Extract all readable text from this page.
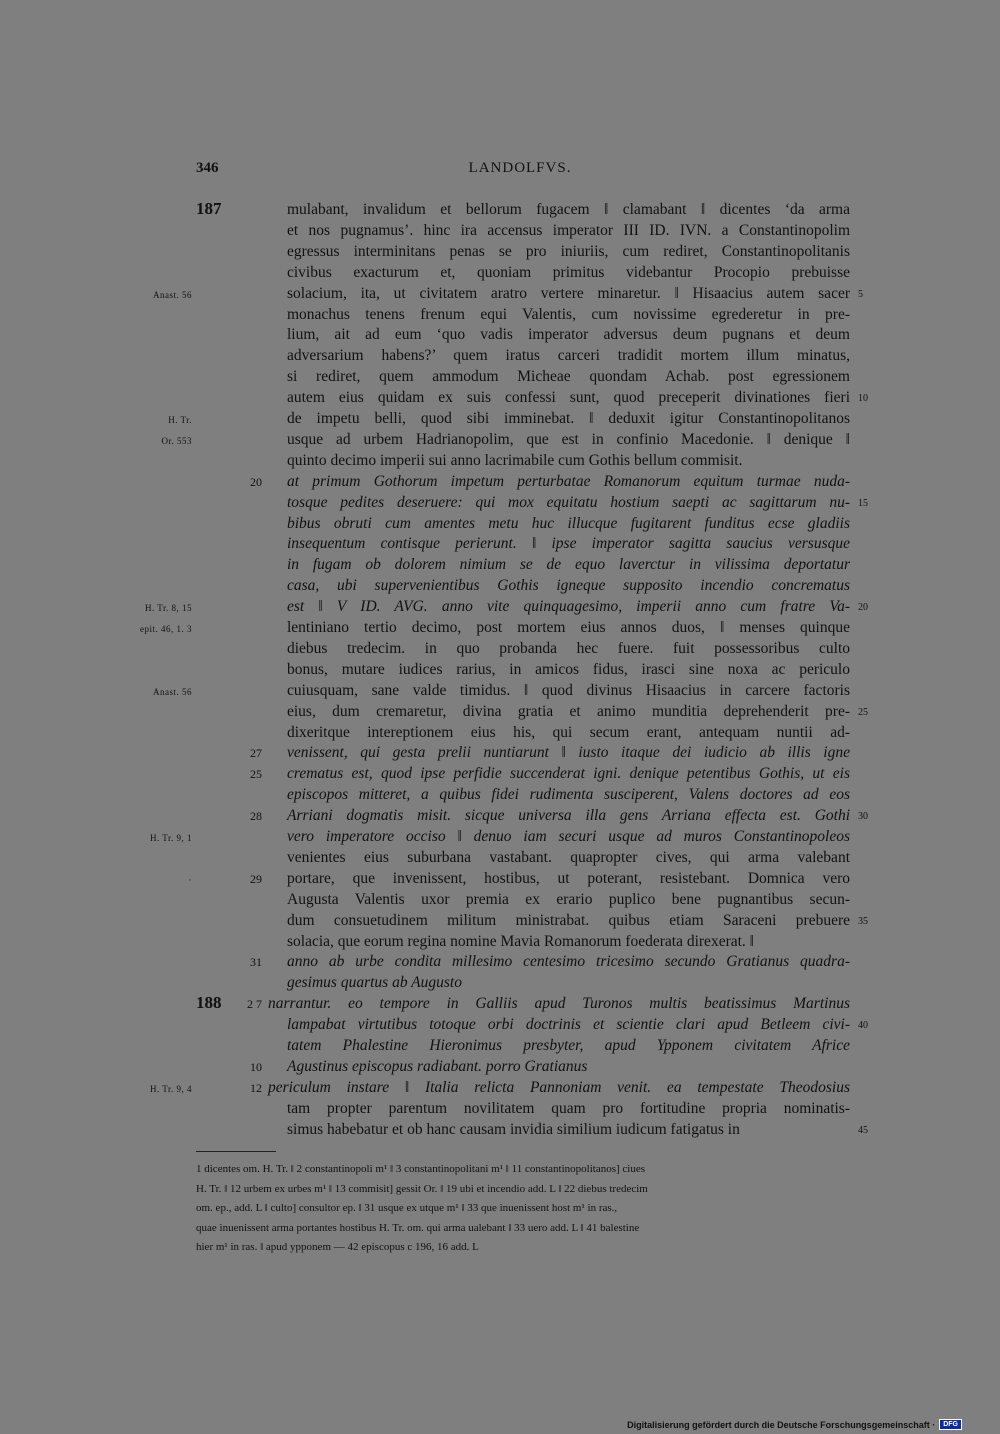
346	LANDOLFVS.
mulabant, invalidum et bellorum fugacem ‖ clamabant ‖ dicentes ‘da arma
et nos pugnamus’. hinc ira accensus imperator III ID. IVN. a Constantinopolim
egressus interminitans penas se pro iniuriis, cum rediret, Constantinopolitanis
civibus exacturum et, quoniam primitus videbantur Procopio prebuisse
solacium, ita, ut civitatem aratro vertere minaretur. ‖ Hisaacius autem sacer
monachus tenens frenum equi Valentis, cum novissime egrederetur in pre-
lium, ait ad eum ‘quo vadis imperator adversus deum pugnans et deum
adversarium habens?’ quem iratus carceri tradidit mortem illum minatus,
si rediret, quem ammodum Micheae quondam Achab. post egressionem
autem eius quidam ex suis confessi sunt, quod preceperit divinationes fieri
de impetu belli, quod sibi imminebat. ‖ deduxit igitur Constantinopolitanos
usque ad urbem Hadrianopolim, que est in confinio Macedonie. ‖ denique ‖
quinto decimo imperii sui anno lacrimabile cum Gothis bellum commisit.
at primum Gothorum impetum perturbatae Romanorum equitum turmae nuda-
tosque pedites deseruere: qui mox equitatu hostium saepti ac sagittarum nu-
bibus obruti cum amentes metu huc illucque fugitarent funditus ecse gladiis
insequentum contisque perierunt. ‖ ipse imperator sagitta saucius versusque
in fugam ob dolorem nimium se de equo laverctur in vilissima deportatur
casa, ubi supervenientibus Gothis igneque supposito incendio concrematus
est ‖ V ID. AVG. anno vite quinquagesimo, imperii anno cum fratre Va-
lentiniano tertio decimo, post mortem eius annos duos, ‖ menses quinque
diebus tredecim. in quo probanda hec fuere. fuit possessoribus culto
bonus, mutare iudices rarius, in amicos fidus, irasci sine noxa ac periculo
cuiusquam, sane valde timidus. ‖ quod divinus Hisaacius in carcere factoris
eius, dum cremaretur, divina gratia et animo munditia deprehenderit pre-
dixeritque intereptionem eius his, qui secum erant, antequam nuntii ad-
venissent, qui gesta prelii nuntiarunt ‖ iusto itaque dei iudicio ab illis igne
crematus est, quod ipse perfidie succenderat igni. denique petentibus Gothis, ut eis
episcopos mitteret, a quibus fidei rudimenta susciperent, Valens doctores ad eos
Arriani dogmatis misit. sicque universa illa gens Arriana effecta est. Gothi
vero imperatore occiso ‖ denuo iam securi usque ad muros Constantinopoleos
venientes eius suburbana vastabant. quapropter cives, qui arma valebant
portare, que invenissent, hostibus, ut poterant, resistebant. Domnica vero
Augusta Valentis uxor premia ex erario puplico bene pugnantibus secun-
dum consuetudinem militum ministrabat. quibus etiam Saraceni prebuere
solacia, que eorum regina nomine Mavia Romanorum foederata direxerat. ‖
anno ab urbe condita millesimo centesimo tricesimo secundo Gratianus quadra-
gesimus quartus ab Augusto
narrantur. eo tempore in Galliis apud Turonos multis beatissimus Martinus
lampabat virtutibus totoque orbi doctrinis et scientie clari apud Betleem civi-
tatem Phalestine Hieronimus presbyter, apud Ypponem civitatem Africe
Agustinus episcopus radiabant. porro Gratianus
periculum instare ‖ Italia relicta Pannoniam venit. ea tempestate Theodosius
tam propter parentum novilitatem quam pro fortitudine propria nominatis-
simus habebatur et ob hanc causam invidia similium iudicum fatigatus in
187
188
5
10
15
20
25
30
35
40
45
20
27
25
28
29
31
2 7
10
12
Anast. 56
H. Tr.
Or. 553
H. Tr. 8, 15
epit. 46, 1. 3
Anast. 56
H. Tr. 9, 1
·
H. Tr. 9, 4
1 dicentes om. H. Tr. ‖ 2 constantinopoli m¹ ‖ 3 constantinopolitani m¹ ‖ 11 constantinopolitanos] ciues
H. Tr. ‖ 12 urbem ex urbes m¹ ‖ 13 commisit] gessit Or. ‖ 19 ubi et incendio add. L ‖ 22 diebus tredecim
om. ep., add. L ‖ culto] consultor ep. ‖ 31 usque ex utque m¹ ‖ 33 que inuenissent host m¹ in ras.,
quae inuenissent arma portantes hostibus H. Tr. om. qui arma ualebant ‖ 33 uero add. L ‖ 41 balestine
hier m¹ in ras. ‖ apud ypponem — 42 episcopus c 196, 16 add. L
Digitalisierung gefördert durch die Deutsche Forschungsgemeinschaft ·	DFG
